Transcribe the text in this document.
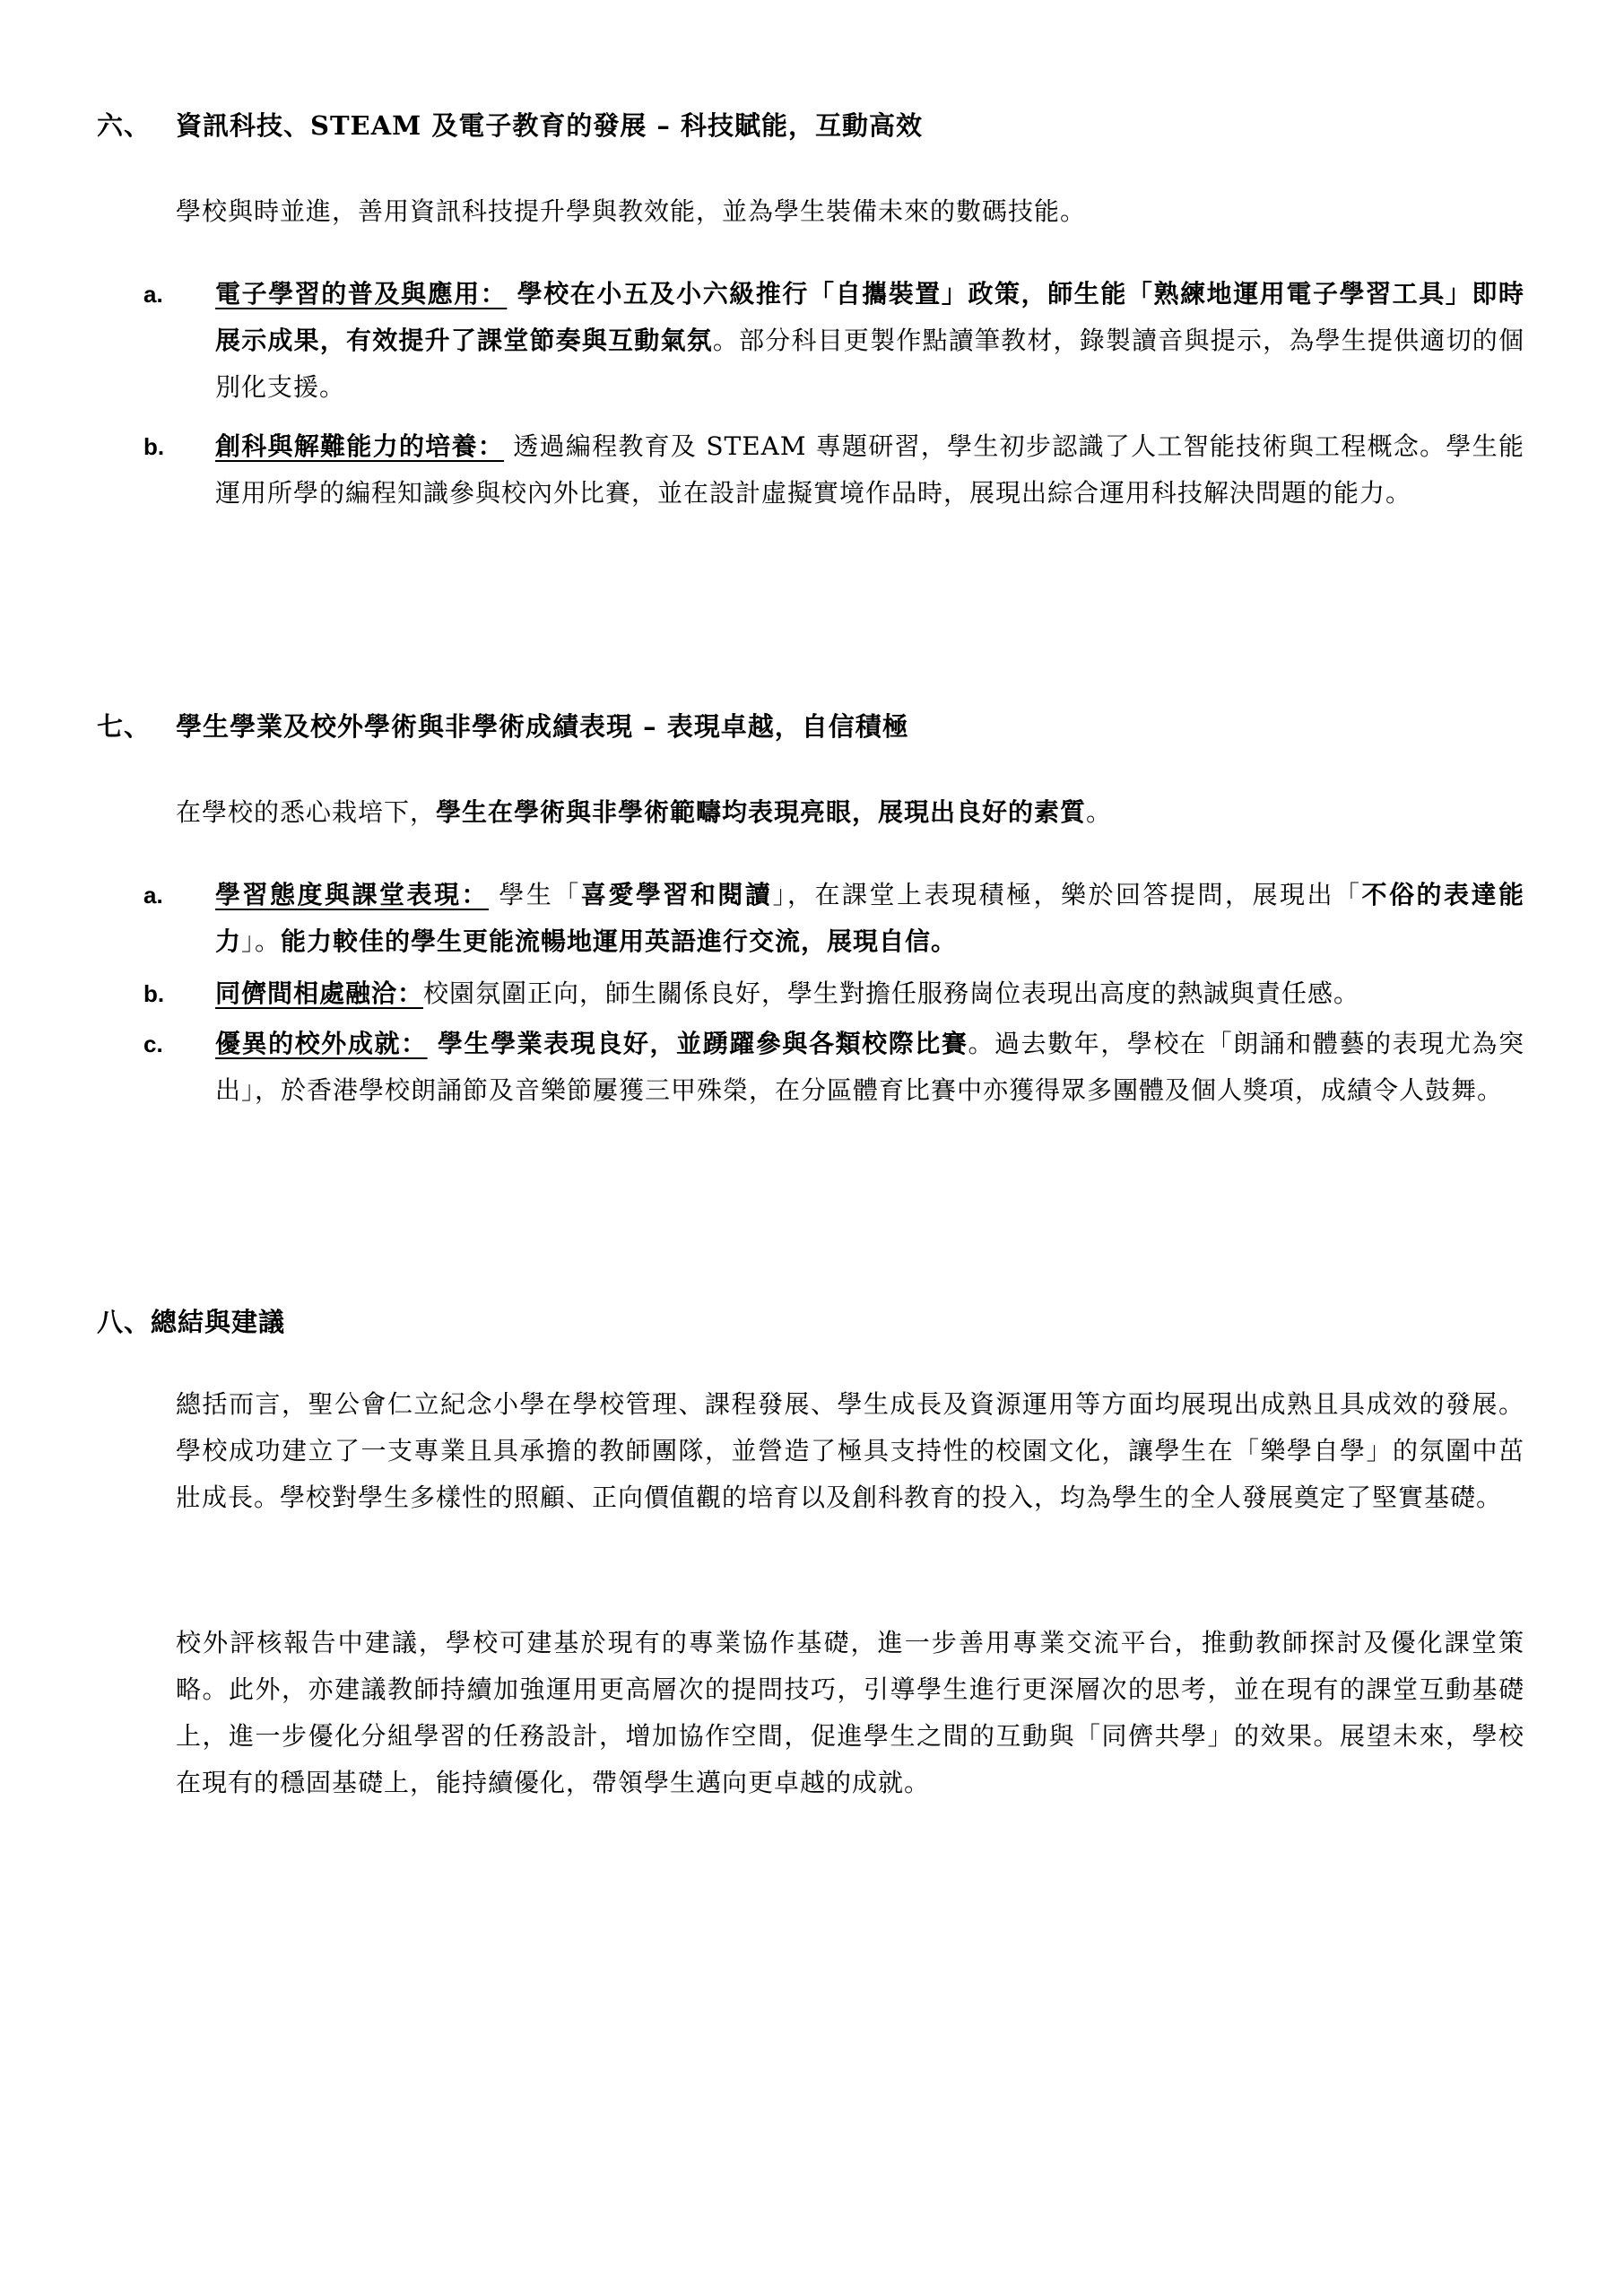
六、 資訊科技、STEAM 及電子教育的發展 – 科技賦能，互動高效
學校與時並進，善用資訊科技提升學與教效能，並為學生裝備未來的數碼技能。
a. 電子學習的普及與應用： 學校在小五及小六級推行「自攜裝置」政策，師生能「熟練地運用電子學習工具」即時展示成果，有效提升了課堂節奏與互動氣氛。部分科目更製作點讀筆教材，錄製讀音與提示，為學生提供適切的個別化支援。
b. 創科與解難能力的培養： 透過編程教育及 STEAM 專題研習，學生初步認識了人工智能技術與工程概念。學生能運用所學的編程知識參與校內外比賽，並在設計虛擬實境作品時，展現出綜合運用科技解決問題的能力。
七、 學生學業及校外學術與非學術成績表現 – 表現卓越，自信積極
在學校的悉心栽培下，學生在學術與非學術範疇均表現亮眼，展現出良好的素質。
a. 學習態度與課堂表現： 學生「喜愛學習和閱讀」，在課堂上表現積極，樂於回答提問，展現出「不俗的表達能力」。能力較佳的學生更能流暢地運用英語進行交流，展現自信。
b. 同儕間相處融洽：校園氛圍正向，師生關係良好，學生對擔任服務崗位表現出高度的熱誠與責任感。
c. 優異的校外成就： 學生學業表現良好，並踴躍參與各類校際比賽。過去數年，學校在「朗誦和體藝的表現尤為突出」，於香港學校朗誦節及音樂節屢獲三甲殊榮，在分區體育比賽中亦獲得眾多團體及個人獎項，成績令人鼓舞。
八、總結與建議
總括而言，聖公會仁立紀念小學在學校管理、課程發展、學生成長及資源運用等方面均展現出成熟且具成效的發展。學校成功建立了一支專業且具承擔的教師團隊，並營造了極具支持性的校園文化，讓學生在「樂學自學」的氛圍中茁壯成長。學校對學生多樣性的照顧、正向價值觀的培育以及創科教育的投入，均為學生的全人發展奠定了堅實基礎。
校外評核報告中建議，學校可建基於現有的專業協作基礎，進一步善用專業交流平台，推動教師探討及優化課堂策略。此外，亦建議教師持續加強運用更高層次的提問技巧，引導學生進行更深層次的思考，並在現有的課堂互動基礎上，進一步優化分組學習的任務設計，增加協作空間，促進學生之間的互動與「同儕共學」的效果。展望未來，學校在現有的穩固基礎上，能持續優化，帶領學生邁向更卓越的成就。
